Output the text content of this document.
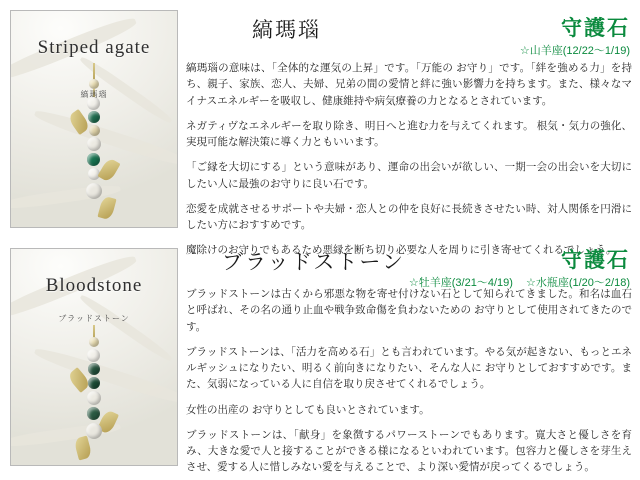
Striped agate
縞瑪瑙
縞瑪瑙	守護石
☆山羊座(12/22〜1/19)

縞瑪瑙の意味は、「全体的な運気の上昇」です。「万能の お守り」です。「絆を強める力」を持ち、親子、家族、恋人、夫婦、兄弟の間の愛情と絆に強い影響力を持ちます。また、様々なマイナスエネルギーを吸収し、健康維持や病気療養の力となるとされています。

ネガティヴなエネルギーを取り除き、明日へと進む力を与えてくれます。 根気・気力の強化、実現可能な解決策に導く力ともいいます。

「ご縁を大切にする」という意味があり、運命の出会いが欲しい、一期一会の出会いを大切にしたい人に最強のお守りに良い石です。

恋愛を成就させるサポートや夫婦・恋人との仲を良好に長続きさせたい時、対人関係を円滑にしたい方におすすめです。

魔除けのお守りでもあるため悪縁を断ち切り必要な人を周りに引き寄せてくれるでしょう。

Bloodstone
ブラッドストーン
ブラッドストーン	守護石
☆牡羊座(3/21〜4/19) ☆水瓶座(1/20〜2/18)

ブラッドストーンは古くから邪悪な物を寄せ付けない石として知られてきました。和名は血石と呼ばれ、その名の通り止血や戦争致命傷を負わないための お守りとして使用されてきたのです。

ブラッドストーンは、「活力を高める石」とも言われています。やる気が起きない、もっとエネルギッシュになりたい、明るく前向きになりたい、そんな人に お守りとしておすすめです。また、気弱になっている人に自信を取り戻させてくれるでしょう。

女性の出産の お守りとしても良いとされています。

ブラッドストーンは、「献身」を象徴するパワーストーンでもあります。寛大さと優しさを育み、大きな愛で人と接することができる様になるといわれています。包容力と優しさを芽生えさせ、愛する人に惜しみない愛を与えることで、より深い愛情が戻ってくるでしょう。
